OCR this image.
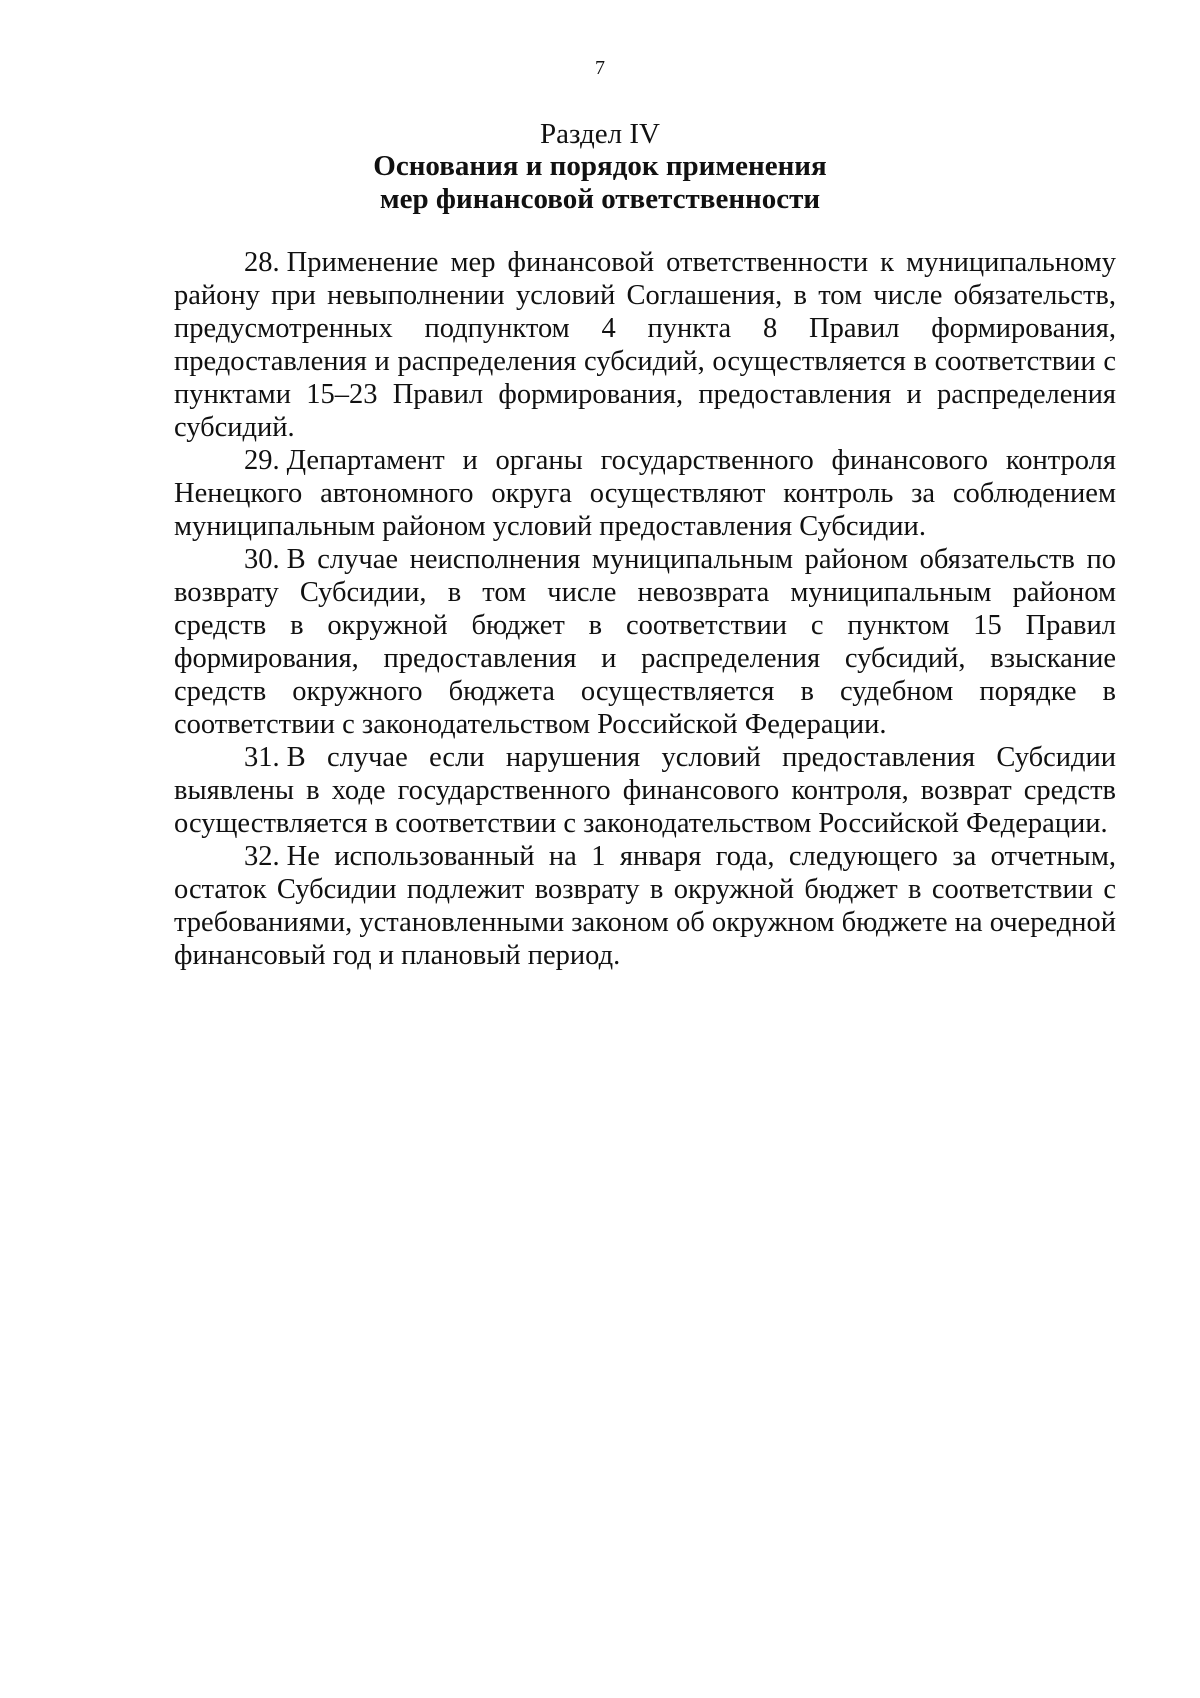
7
Раздел IV
Основания и порядок применения
мер финансовой ответственности

28. Применение мер финансовой ответственности к муниципальному району при невыполнении условий Соглашения, в том числе обязательств, предусмотренных подпунктом 4 пункта 8 Правил формирования, предоставления и распределения субсидий, осуществляется в соответствии с пунктами 15–23 Правил формирования, предоставления и распределения субсидий.

29. Департамент и органы государственного финансового контроля Ненецкого автономного округа осуществляют контроль за соблюдением муниципальным районом условий предоставления Субсидии.

30. В случае неисполнения муниципальным районом обязательств по возврату Субсидии, в том числе невозврата муниципальным районом средств в окружной бюджет в соответствии с пунктом 15 Правил формирования, предоставления и распределения субсидий, взыскание средств окружного бюджета осуществляется в судебном порядке в соответствии с законодательством Российской Федерации.

31. В случае если нарушения условий предоставления Субсидии выявлены в ходе государственного финансового контроля, возврат средств осуществляется в соответствии с законодательством Российской Федерации.

32. Не использованный на 1 января года, следующего за отчетным, остаток Субсидии подлежит возврату в окружной бюджет в соответствии с требованиями, установленными законом об окружном бюджете на очередной финансовый год и плановый период.
